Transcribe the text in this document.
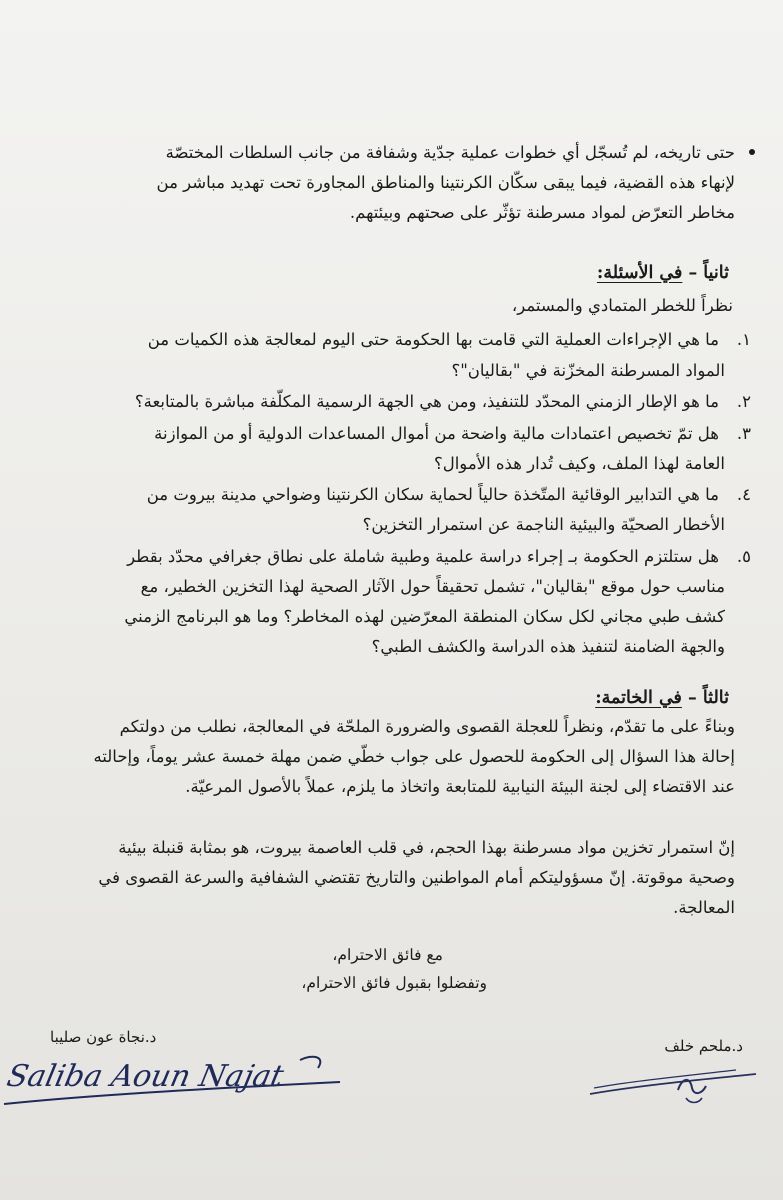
حتى تاريخه، لم تُسجّل أي خطوات عملية جدّية وشفافة من جانب السلطات المختصّة
لإنهاء هذه القضية، فيما يبقى سكّان الكرنتينا والمناطق المجاورة تحت تهديد مباشر من
مخاطر التعرّض لمواد مسرطنة تؤثّر على صحتهم وبيئتهم.
ثانياً – في الأسئلة:
نظراً للخطر المتمادي والمستمر،
١.
ما هي الإجراءات العملية التي قامت بها الحكومة حتى اليوم لمعالجة هذه الكميات من
المواد المسرطنة المخزّنة في "بقاليان"؟
٢.
ما هو الإطار الزمني المحدّد للتنفيذ، ومن هي الجهة الرسمية المكلّفة مباشرة بالمتابعة؟
٣.
هل تمّ تخصيص اعتمادات مالية واضحة من أموال المساعدات الدولية أو من الموازنة
العامة لهذا الملف، وكيف تُدار هذه الأموال؟
٤.
ما هي التدابير الوقائية المتّخذة حالياً لحماية سكان الكرنتينا وضواحي مدينة بيروت من
الأخطار الصحيّة والبيئية الناجمة عن استمرار التخزين؟
٥.
هل ستلتزم الحكومة بـ إجراء دراسة علمية وطبية شاملة على نطاق جغرافي محدّد بقطر
مناسب حول موقع "بقاليان"، تشمل تحقيقاً حول الآثار الصحية لهذا التخزين الخطير، مع
كشف طبي مجاني لكل سكان المنطقة المعرّضين لهذه المخاطر؟ وما هو البرنامج الزمني
والجهة الضامنة لتنفيذ هذه الدراسة والكشف الطبي؟
ثالثاً – في الخاتمة:
وبناءً على ما تقدّم، ونظراً للعجلة القصوى والضرورة الملحّة في المعالجة، نطلب من دولتكم
إحالة هذا السؤال إلى الحكومة للحصول على جواب خطّي ضمن مهلة خمسة عشر يوماً، وإحالته
عند الاقتضاء إلى لجنة البيئة النيابية للمتابعة واتخاذ ما يلزم، عملاً بالأصول المرعيّة.
إنّ استمرار تخزين مواد مسرطنة بهذا الحجم، في قلب العاصمة بيروت، هو بمثابة قنبلة بيئية
وصحية موقوتة. إنّ مسؤوليتكم أمام المواطنين والتاريخ تقتضي الشفافية والسرعة القصوى في
المعالجة.
مع فائق الاحترام،
وتفضلوا بقبول فائق الاحترام،
د.نجاة عون صليبا	د.ملحم خلف
Saliba Aoun Najat
